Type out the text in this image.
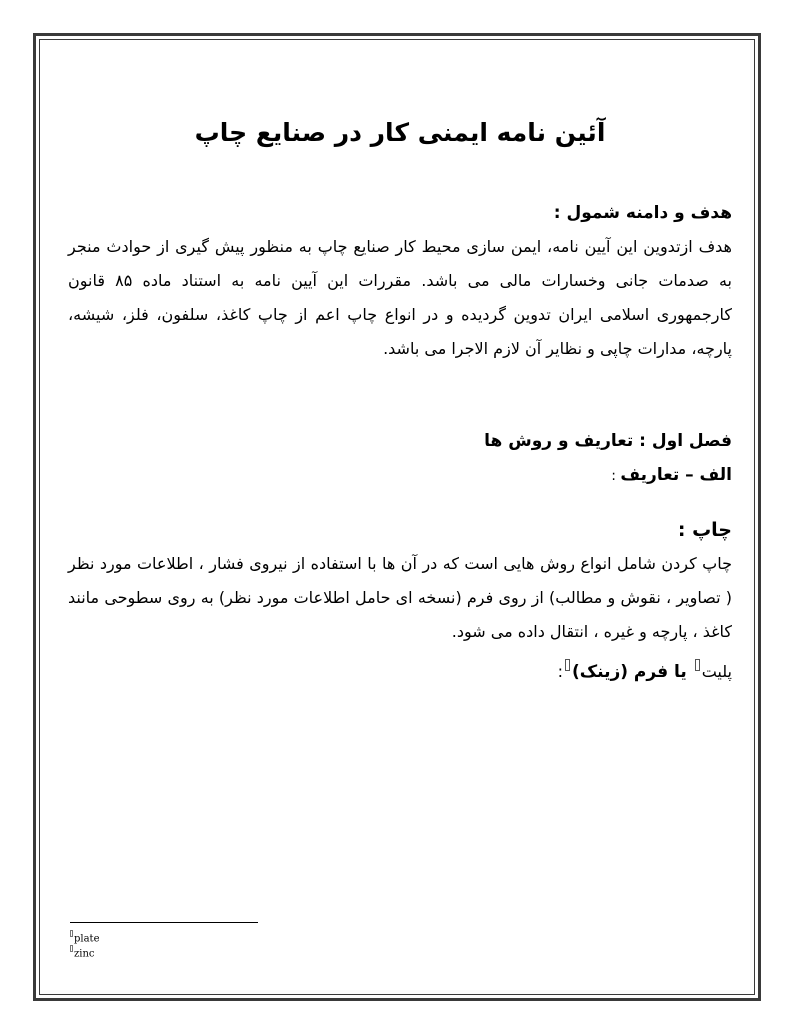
آئین نامه ایمنی کار در صنایع چاپ

هدف و دامنه شمول :

هدف ازتدوین این آیین نامه، ایمن سازی محیط کار صنایع چاپ به منظور پیش گیری از حوادث منجر به صدمات جانی وخسارات مالی می باشد. مقررات این آیین نامه به استناد ماده ۸۵ قانون کارجمهوری اسلامی ایران تدوین گردیده و در انواع چاپ اعم از چاپ کاغذ، سلفون، فلز، شیشه، پارچه، مدارات چاپی و نظایر آن لازم الاجرا می باشد.

فصل اول : تعاریف و روش ها

الف – تعاریف :

چاپ :

چاپ کردن شامل انواع روش هایی است که در آن ها با استفاده از نیروی فشار ، اطلاعات مورد نظر ( تصاویر ، نقوش و مطالب) از روی فرم (نسخه ای حامل اطلاعات مورد نظر) به روی سطوحی مانند کاغذ ، پارچه و غیره ، انتقال داده می شود.

پلیت یا فرم (زینک):

plate
zinc
